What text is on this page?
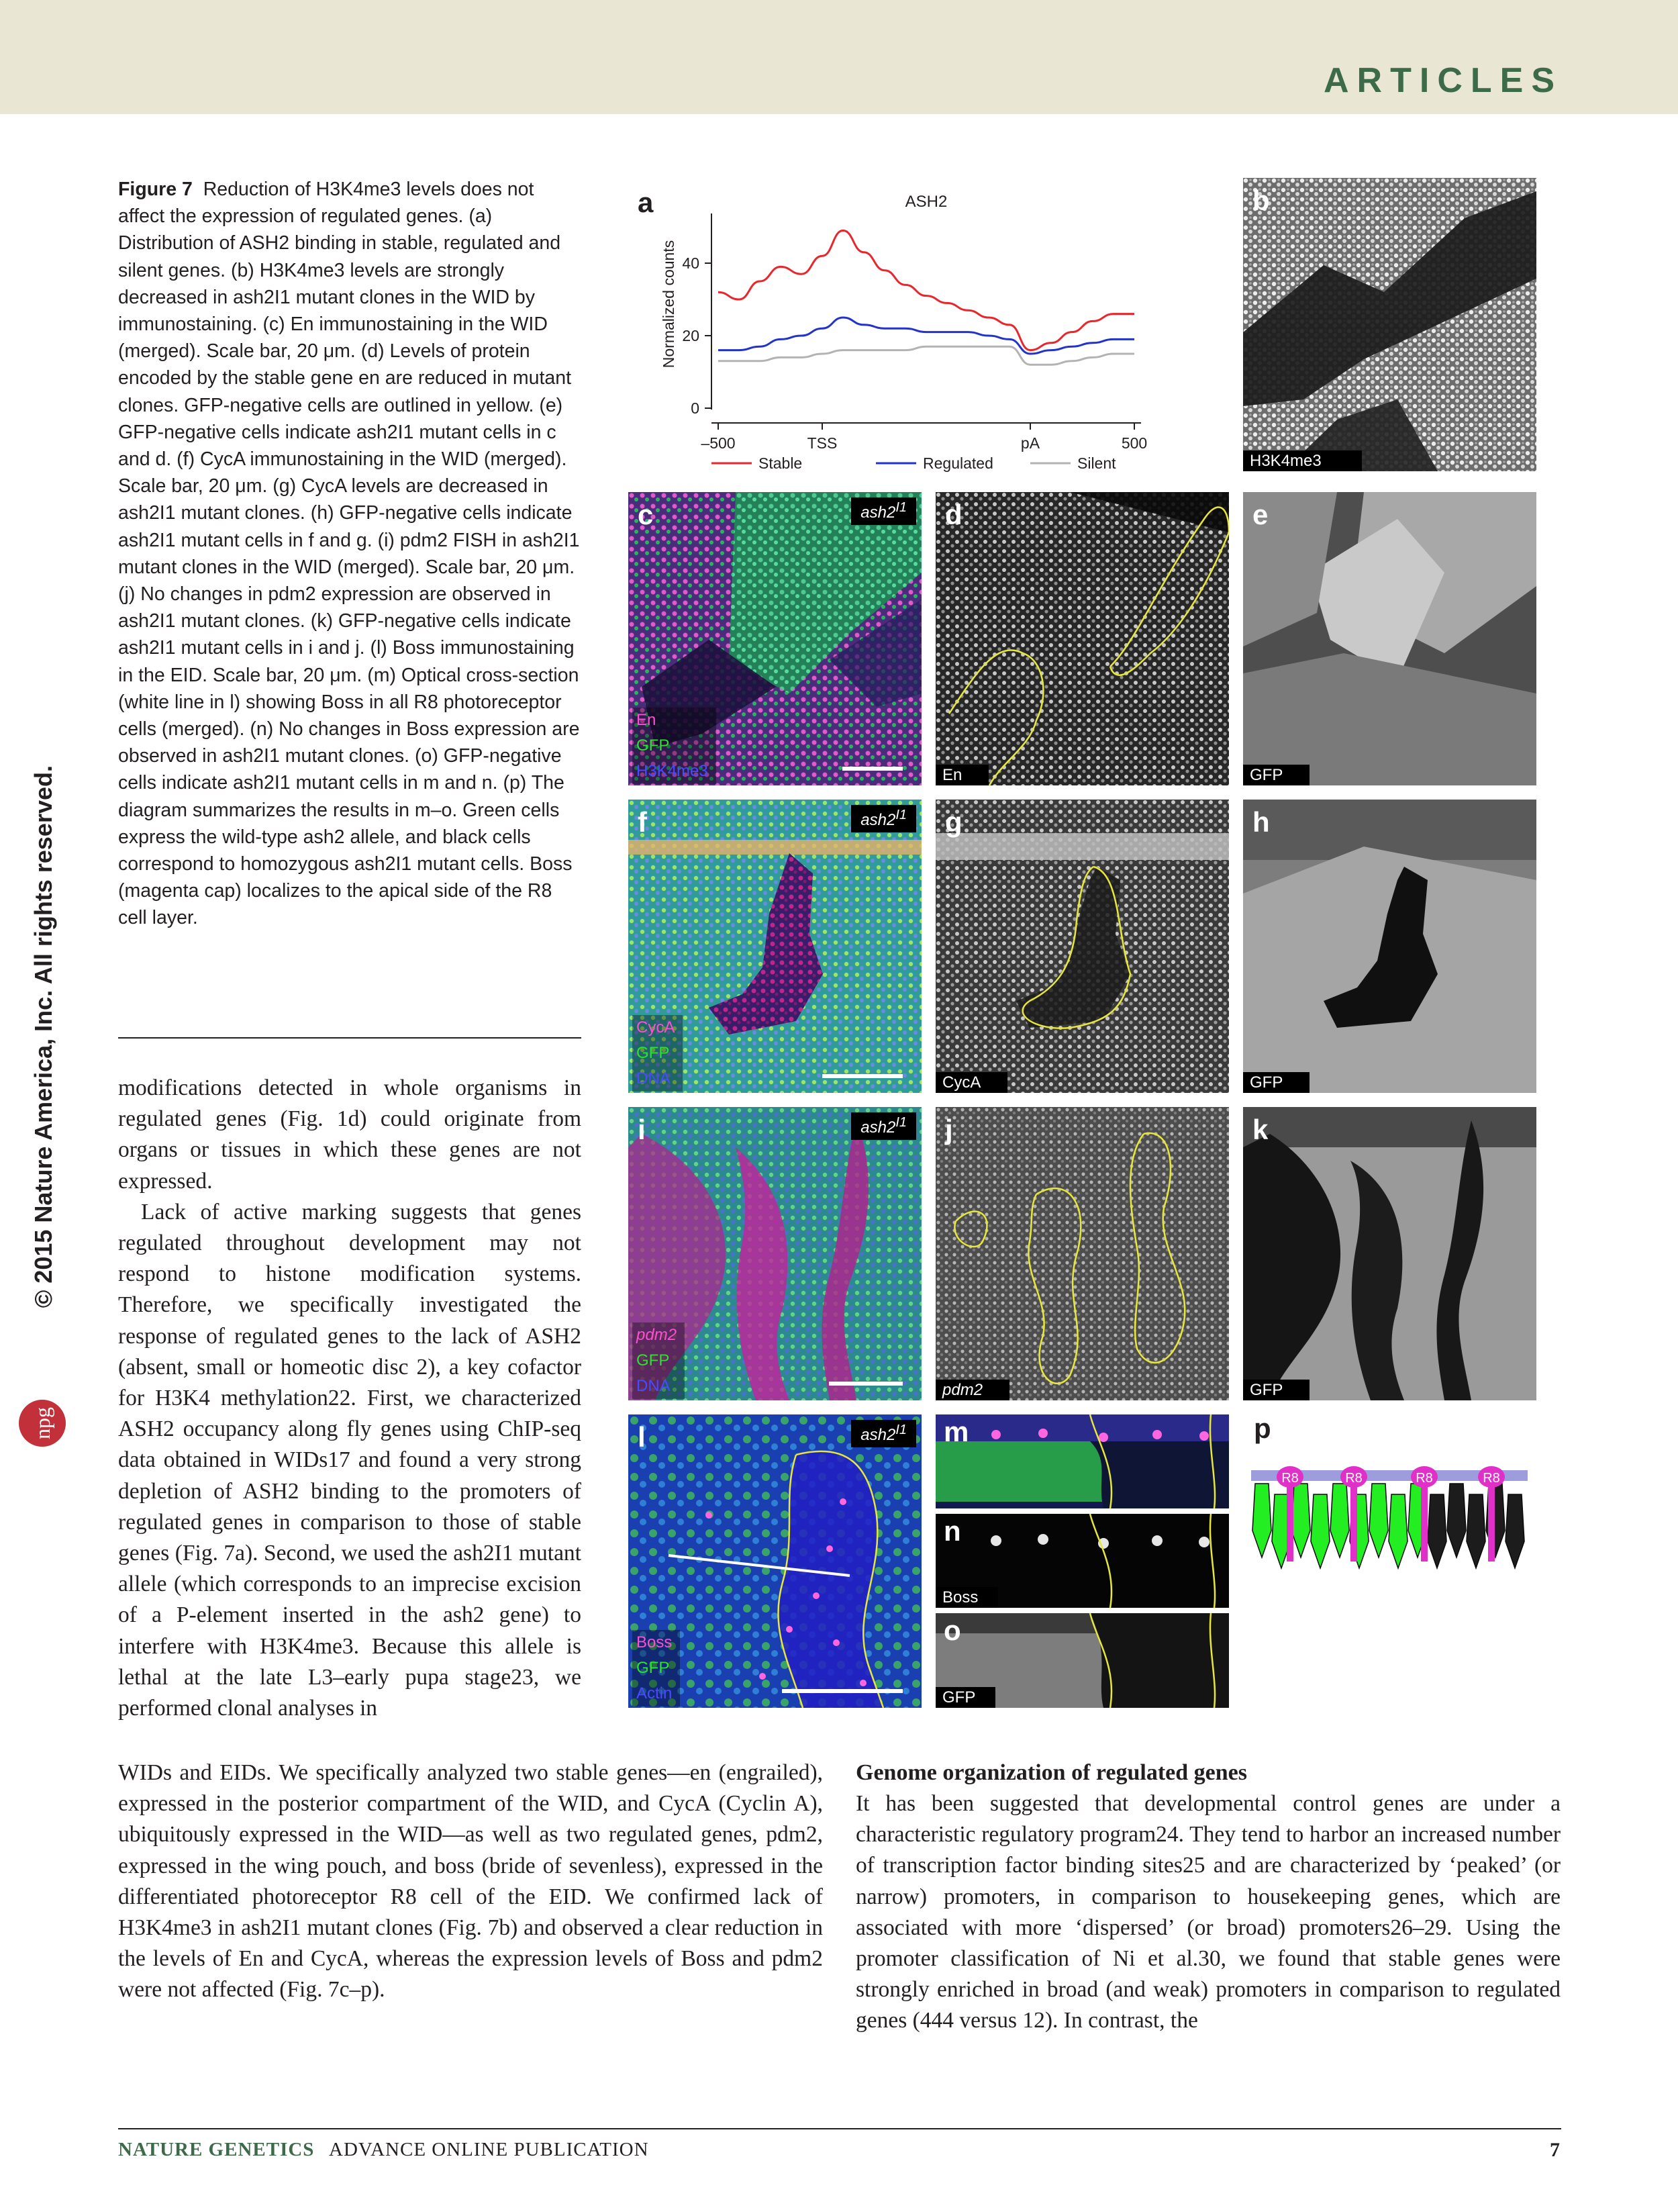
ARTICLES
© 2015 Nature America, Inc. All rights reserved.
npg
Figure 7 Reduction of H3K4me3 levels does not affect the expression of regulated genes. (a) Distribution of ASH2 binding in stable, regulated and silent genes. (b) H3K4me3 levels are strongly decreased in ash2I1 mutant clones in the WID by immunostaining. (c) En immunostaining in the WID (merged). Scale bar, 20 μm. (d) Levels of protein encoded by the stable gene en are reduced in mutant clones. GFP-negative cells are outlined in yellow. (e) GFP-negative cells indicate ash2I1 mutant cells in c and d. (f) CycA immunostaining in the WID (merged). Scale bar, 20 μm. (g) CycA levels are decreased in ash2I1 mutant clones. (h) GFP-negative cells indicate ash2I1 mutant cells in f and g. (i) pdm2 FISH in ash2I1 mutant clones in the WID (merged). Scale bar, 20 μm. (j) No changes in pdm2 expression are observed in ash2I1 mutant clones. (k) GFP-negative cells indicate ash2I1 mutant cells in i and j. (l) Boss immunostaining in the EID. Scale bar, 20 μm. (m) Optical cross-section (white line in l) showing Boss in all R8 photoreceptor cells (merged). (n) No changes in Boss expression are observed in ash2I1 mutant clones. (o) GFP-negative cells indicate ash2I1 mutant cells in m and n. (p) The diagram summarizes the results in m–o. Green cells express the wild-type ash2 allele, and black cells correspond to homozygous ash2I1 mutant cells. Boss (magenta cap) localizes to the apical side of the R8 cell layer.
modifications detected in whole organisms in regulated genes (Fig. 1d) could originate from organs or tissues in which these genes are not expressed.
Lack of active marking suggests that genes regulated throughout development may not respond to histone modification systems. Therefore, we specifically investigated the response of regulated genes to the lack of ASH2 (absent, small or homeotic disc 2), a key cofactor for H3K4 methylation22. First, we characterized ASH2 occupancy along fly genes using ChIP-seq data obtained in WIDs17 and found a very strong depletion of ASH2 binding to the promoters of regulated genes in comparison to those of stable genes (Fig. 7a). Second, we used the ash2I1 mutant allele (which corresponds to an imprecise excision of a P-element inserted in the ash2 gene) to interfere with H3K4me3. Because this allele is lethal at the late L3–early pupa stage23, we performed clonal analyses in
WIDs and EIDs. We specifically analyzed two stable genes—en (engrailed), expressed in the posterior compartment of the WID, and CycA (Cyclin A), ubiquitously expressed in the WID—as well as two regulated genes, pdm2, expressed in the wing pouch, and boss (bride of sevenless), expressed in the differentiated photoreceptor R8 cell of the EID. We confirmed lack of H3K4me3 in ash2I1 mutant clones (Fig. 7b) and observed a clear reduction in the levels of En and CycA, whereas the expression levels of Boss and pdm2 were not affected (Fig. 7c–p).
Genome organization of regulated genes
It has been suggested that developmental control genes are under a characteristic regulatory program24. They tend to harbor an increased number of transcription factor binding sites25 and are characterized by ‘peaked’ (or narrow) promoters, in comparison to housekeeping genes, which are associated with more ‘dispersed’ (or broad) promoters26–29. Using the promoter classification of Ni et al.30, we found that stable genes were strongly enriched in broad (and weak) promoters in comparison to regulated genes (444 versus 12). In contrast, the
NATURE GENETICS ADVANCE ONLINE PUBLICATION	7
a	ASH2
0
20
40
–500	TSS	pA	500
Normalized counts
Stable	Regulated	Silent
b
H3K4me3
c	$ash2^{I1}$
En
GFP
H3K4me3
d
En
e
GFP
f	$ash2^{I1}$
CycA
GFP
DNA
g
CycA
h
GFP
i	$ash2^{I1}$
pdm2
GFP
DNA
j
pdm2
k
GFP
l	$ash2^{I1}$
Boss
GFP
Actin
m
n
Boss
o
GFP
p
R8	R8	R8	R8
